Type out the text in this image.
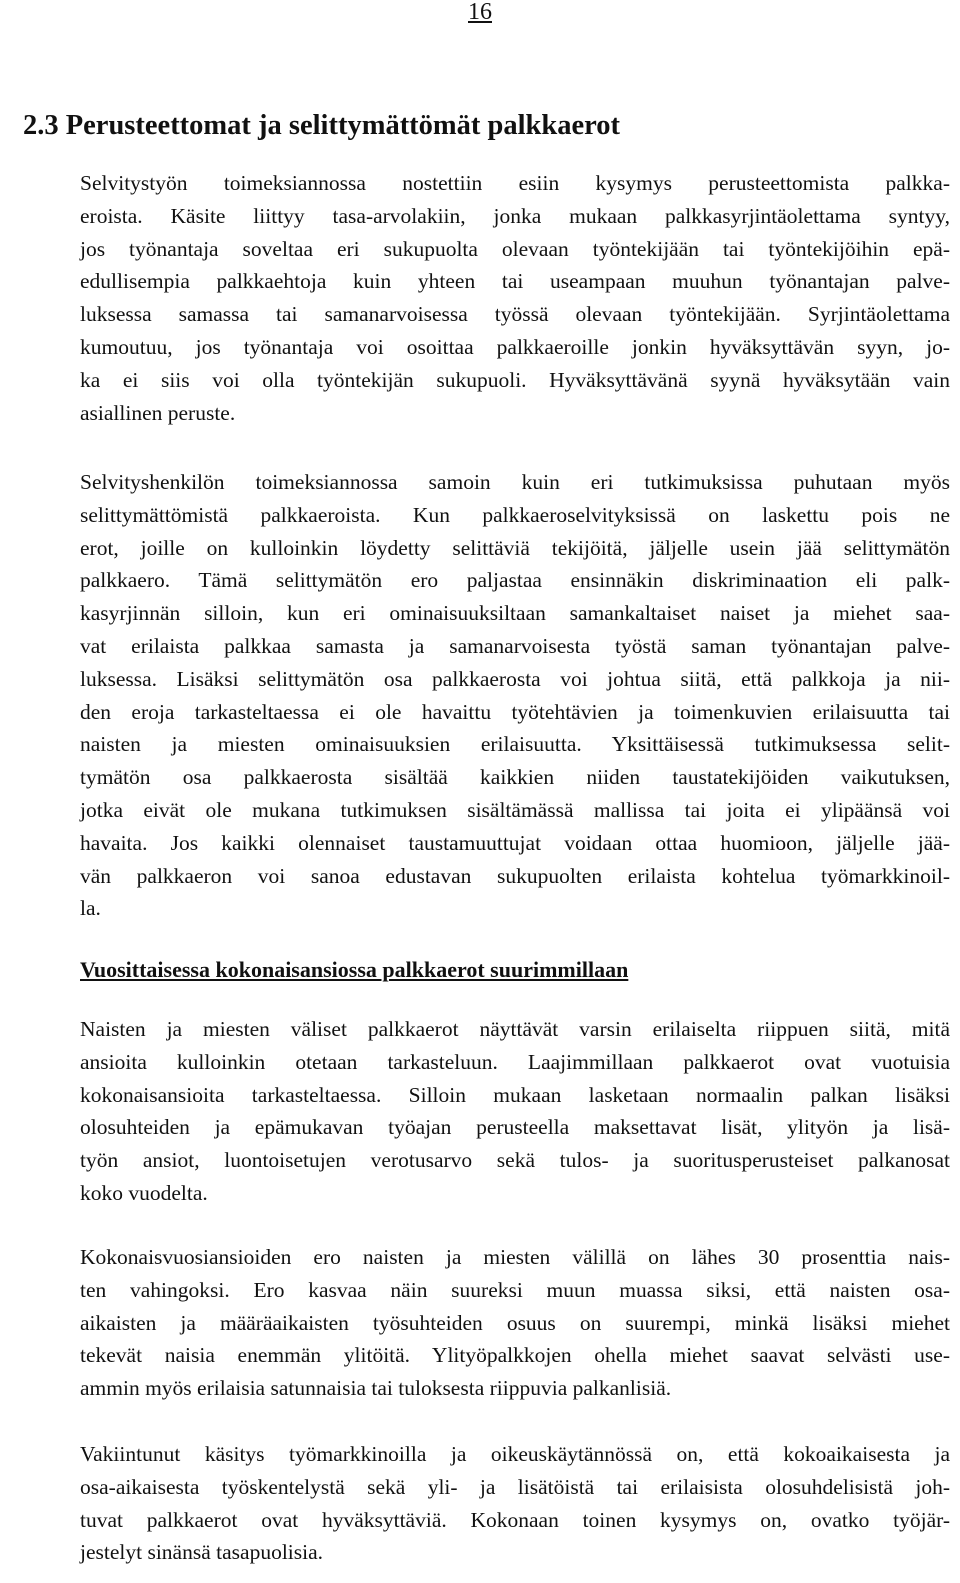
16
2.3 Perusteettomat ja selittymättömät palkkaerot

Selvitystyön toimeksiannossa nostettiin esiin kysymys perusteettomista palkka-
eroista. Käsite liittyy tasa-arvolakiin, jonka mukaan palkkasyrjintäolettama syntyy,
jos työnantaja soveltaa eri sukupuolta olevaan työntekijään tai työntekijöihin epä-
edullisempia palkkaehtoja kuin yhteen tai useampaan muuhun työnantajan palve-
luksessa samassa tai samanarvoisessa työssä olevaan työntekijään. Syrjintäolettama
kumoutuu, jos työnantaja voi osoittaa palkkaeroille jonkin hyväksyttävän syyn, jo-
ka ei siis voi olla työntekijän sukupuoli. Hyväksyttävänä syynä hyväksytään vain
asiallinen peruste.

Selvityshenkilön toimeksiannossa samoin kuin eri tutkimuksissa puhutaan myös
selittymättömistä palkkaeroista. Kun palkkaeroselvityksissä on laskettu pois ne
erot, joille on kulloinkin löydetty selittäviä tekijöitä, jäljelle usein jää selittymätön
palkkaero. Tämä selittymätön ero paljastaa ensinnäkin diskriminaation eli palk-
kasyrjinnän silloin, kun eri ominaisuuksiltaan samankaltaiset naiset ja miehet saa-
vat erilaista palkkaa samasta ja samanarvoisesta työstä saman työnantajan palve-
luksessa. Lisäksi selittymätön osa palkkaerosta voi johtua siitä, että palkkoja ja nii-
den eroja tarkasteltaessa ei ole havaittu työtehtävien ja toimenkuvien erilaisuutta tai
naisten ja miesten ominaisuuksien erilaisuutta. Yksittäisessä tutkimuksessa selit-
tymätön osa palkkaerosta sisältää kaikkien niiden taustatekijöiden vaikutuksen,
jotka eivät ole mukana tutkimuksen sisältämässä mallissa tai joita ei ylipäänsä voi
havaita. Jos kaikki olennaiset taustamuuttujat voidaan ottaa huomioon, jäljelle jää-
vän palkkaeron voi sanoa edustavan sukupuolten erilaista kohtelua työmarkkinoil-
la.

Vuosittaisessa kokonaisansiossa palkkaerot suurimmillaan

Naisten ja miesten väliset palkkaerot näyttävät varsin erilaiselta riippuen siitä, mitä
ansioita kulloinkin otetaan tarkasteluun. Laajimmillaan palkkaerot ovat vuotuisia
kokonaisansioita tarkasteltaessa. Silloin mukaan lasketaan normaalin palkan lisäksi
olosuhteiden ja epämukavan työajan perusteella maksettavat lisät, ylityön ja lisä-
työn ansiot, luontoisetujen verotusarvo sekä tulos- ja suoritusperusteiset palkanosat
koko vuodelta.

Kokonaisvuosiansioiden ero naisten ja miesten välillä on lähes 30 prosenttia nais-
ten vahingoksi. Ero kasvaa näin suureksi muun muassa siksi, että naisten osa-
aikaisten ja määräaikaisten työsuhteiden osuus on suurempi, minkä lisäksi miehet
tekevät naisia enemmän ylitöitä. Ylityöpalkkojen ohella miehet saavat selvästi use-
ammin myös erilaisia satunnaisia tai tuloksesta riippuvia palkanlisiä.

Vakiintunut käsitys työmarkkinoilla ja oikeuskäytännössä on, että kokoaikaisesta ja
osa-aikaisesta työskentelystä sekä yli- ja lisätöistä tai erilaisista olosuhdelisistä joh-
tuvat palkkaerot ovat hyväksyttäviä. Kokonaan toinen kysymys on, ovatko työjär-
jestelyt sinänsä tasapuolisia.
